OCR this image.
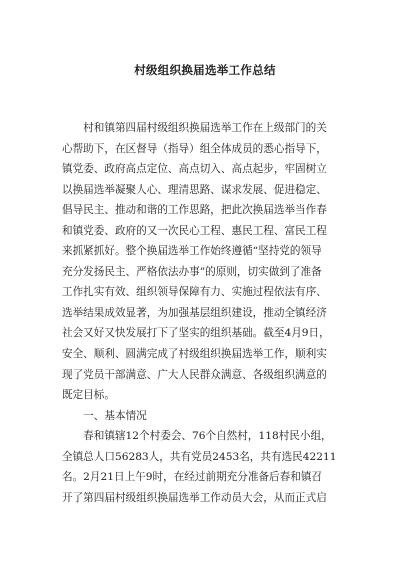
村级组织换届选举工作总结
　　村和镇第四届村级组织换届选举工作在上级部门的关
心帮助下，在区督导（指导）组全体成员的悉心指导下，
镇党委、政府高点定位、高点切入、高点起步，牢固树立
以换届选举凝聚人心、理清思路、谋求发展、促进稳定、
倡导民主、推动和谐的工作思路，把此次换届选举当作春
和镇党委、政府的又一次民心工程、惠民工程、富民工程
来抓紧抓好。整个换届选举工作始终遵循“坚持党的领导
充分发扬民主、严格依法办事”的原则，切实做到了准备
工作扎实有效、组织领导保障有力、实施过程依法有序、
选举结果成效显著，为加强基层组织建设，推动全镇经济
社会又好又快发展打下了坚实的组织基础。截至4月9日，
安全、顺利、圆满完成了村级组织换届选举工作，顺利实
现了党员干部满意、广大人民群众满意、各级组织满意的
既定目标。
　　一、基本情况
　　春和镇辖12个村委会、76个自然村，118村民小组，
全镇总人口56283人，共有党员2453名，共有选民42211
名。2月21日上午9时，在经过前期充分准备后春和镇召
开了第四届村级组织换届选举工作动员大会，从而正式启
